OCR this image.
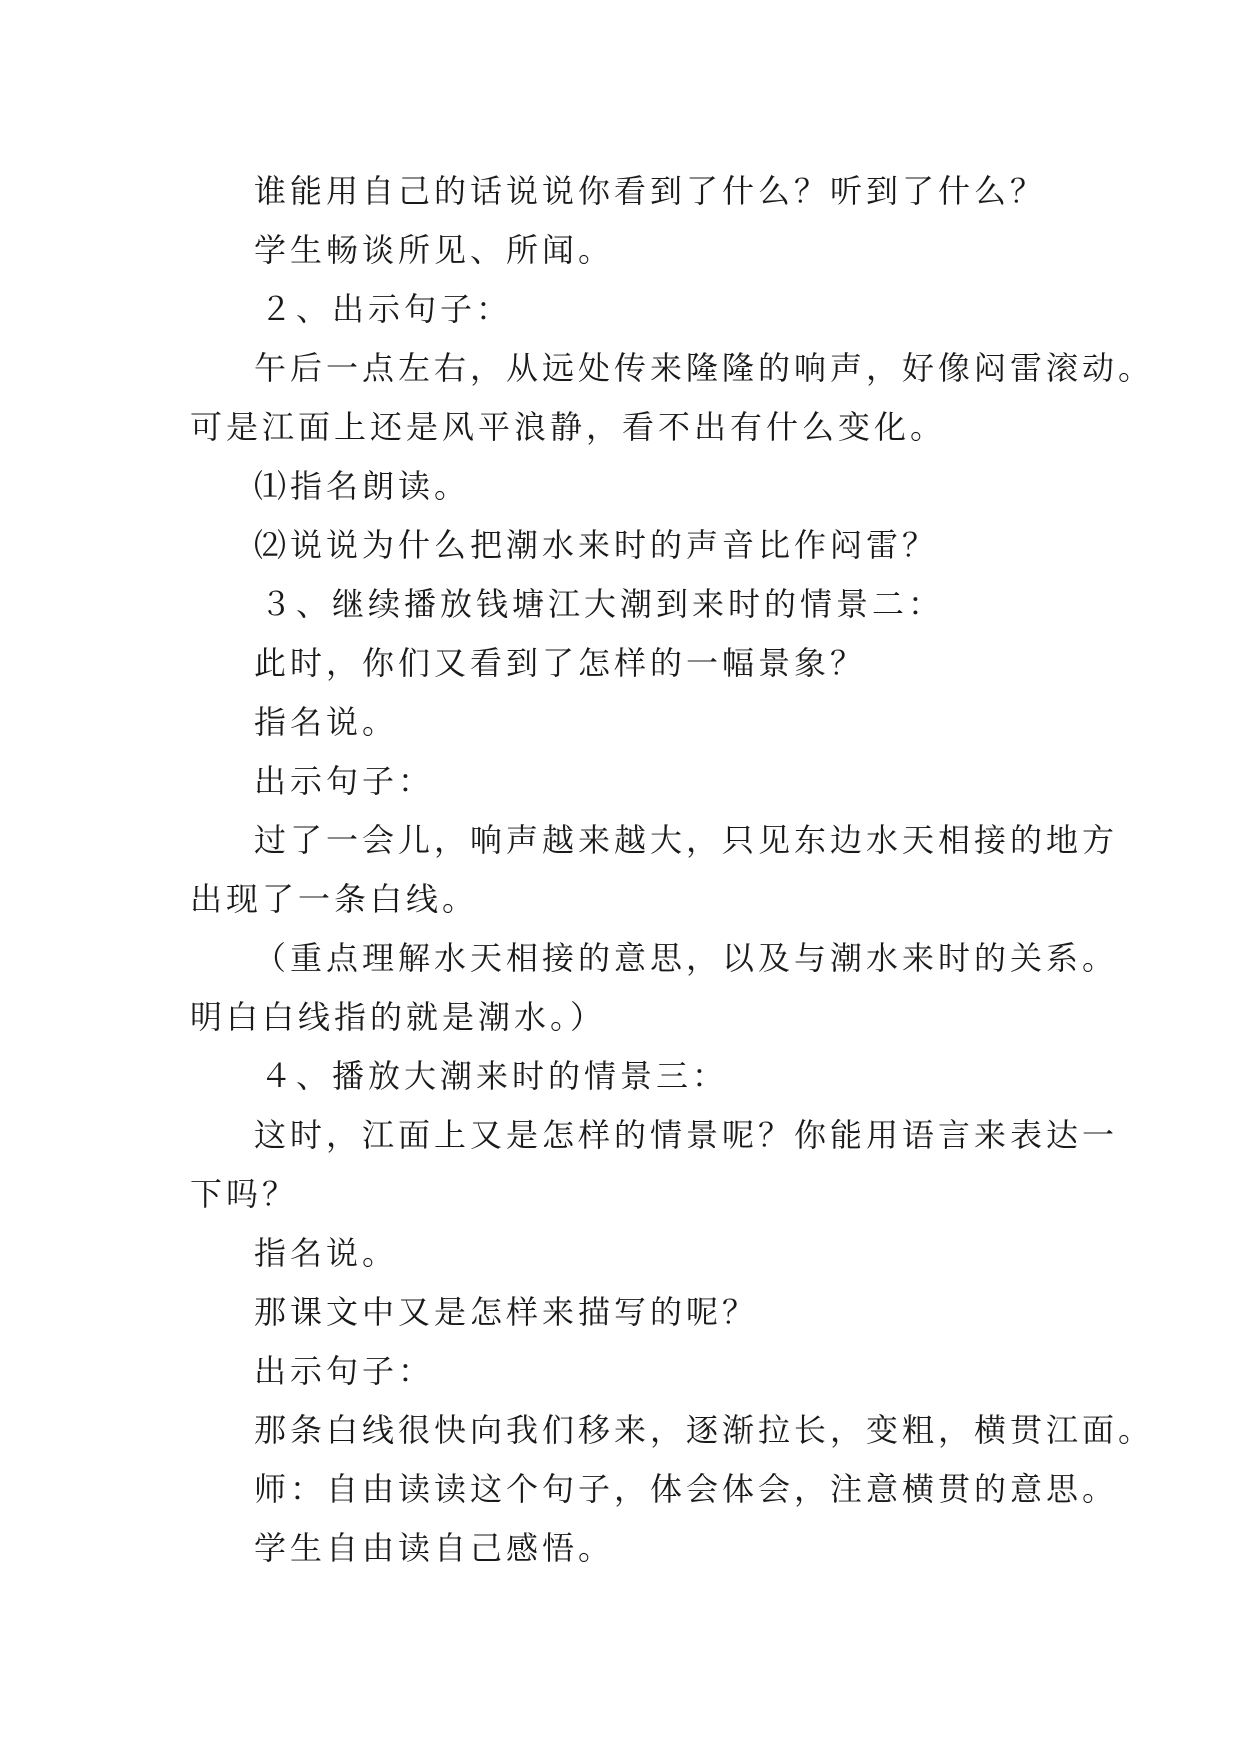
谁能用自己的话说说你看到了什么？听到了什么？
学生畅谈所见、所闻。
２、出示句子：
午后一点左右，从远处传来隆隆的响声，好像闷雷滚动。
可是江面上还是风平浪静，看不出有什么变化。
⑴指名朗读。
⑵说说为什么把潮水来时的声音比作闷雷？
３、继续播放钱塘江大潮到来时的情景二：
此时，你们又看到了怎样的一幅景象？
指名说。
出示句子：
过了一会儿，响声越来越大，只见东边水天相接的地方
出现了一条白线。
（重点理解水天相接的意思，以及与潮水来时的关系。
明白白线指的就是潮水。）
４、播放大潮来时的情景三：
这时，江面上又是怎样的情景呢？你能用语言来表达一
下吗？
指名说。
那课文中又是怎样来描写的呢？
出示句子：
那条白线很快向我们移来，逐渐拉长，变粗，横贯江面。
师：自由读读这个句子，体会体会，注意横贯的意思。
学生自由读自己感悟。
